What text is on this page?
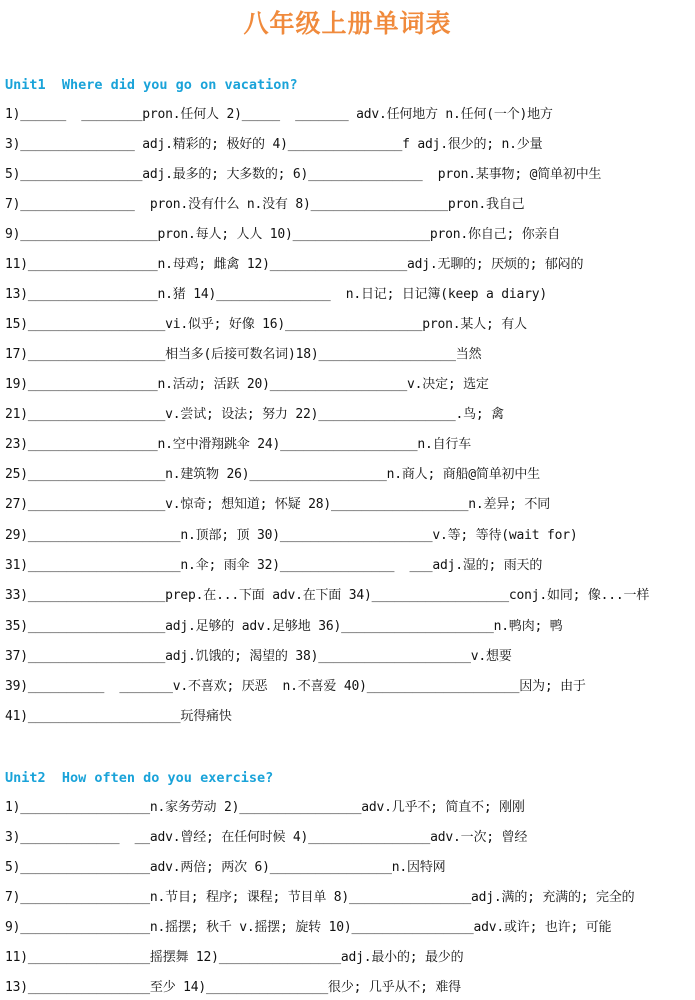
八年级上册单词表
Unit1  Where did you go on vacation?
1)______  ________pron.任何人 2)_____  _______ adv.任何地方 n.任何(一个)地方
3)_______________ adj.精彩的; 极好的 4)_______________f adj.很少的; n.少量
5)________________adj.最多的; 大多数的; 6)_______________  pron.某事物; @简单初中生
7)_______________  pron.没有什么 n.没有 8)__________________pron.我自己
9)__________________pron.每人; 人人 10)__________________pron.你自己; 你亲自
11)_________________n.母鸡; 雌禽 12)__________________adj.无聊的; 厌烦的; 郁闷的
13)_________________n.猪 14)_______________  n.日记; 日记簿(keep a diary)
15)__________________vi.似乎; 好像 16)__________________pron.某人; 有人
17)__________________相当多(后接可数名词)18)__________________当然
19)_________________n.活动; 活跃 20)__________________v.决定; 选定
21)__________________v.尝试; 设法; 努力 22)__________________.鸟; 禽
23)_________________n.空中滑翔跳伞 24)__________________n.自行车
25)__________________n.建筑物 26)__________________n.商人; 商船@简单初中生
27)__________________v.惊奇; 想知道; 怀疑 28)__________________n.差异; 不同
29)____________________n.顶部; 顶 30)____________________v.等; 等待(wait for)
31)____________________n.伞; 雨伞 32)_______________  ___adj.湿的; 雨天的
33)__________________prep.在...下面 adv.在下面 34)__________________conj.如同; 像...一样
35)__________________adj.足够的 adv.足够地 36)____________________n.鸭肉; 鸭
37)__________________adj.饥饿的; 渴望的 38)____________________v.想要
39)__________  _______v.不喜欢; 厌恶  n.不喜爱 40)____________________因为; 由于
41)____________________玩得痛快
Unit2  How often do you exercise?
1)_________________n.家务劳动 2)________________adv.几乎不; 简直不; 刚刚
3)_____________  __adv.曾经; 在任何时候 4)________________adv.一次; 曾经
5)_________________adv.两倍; 两次 6)________________n.因特网
7)_________________n.节目; 程序; 课程; 节目单 8)________________adj.满的; 充满的; 完全的
9)_________________n.摇摆; 秋千 v.摇摆; 旋转 10)________________adv.或许; 也许; 可能
11)________________摇摆舞 12)________________adj.最小的; 最少的
13)________________至少 14)________________很少; 几乎从不; 难得
